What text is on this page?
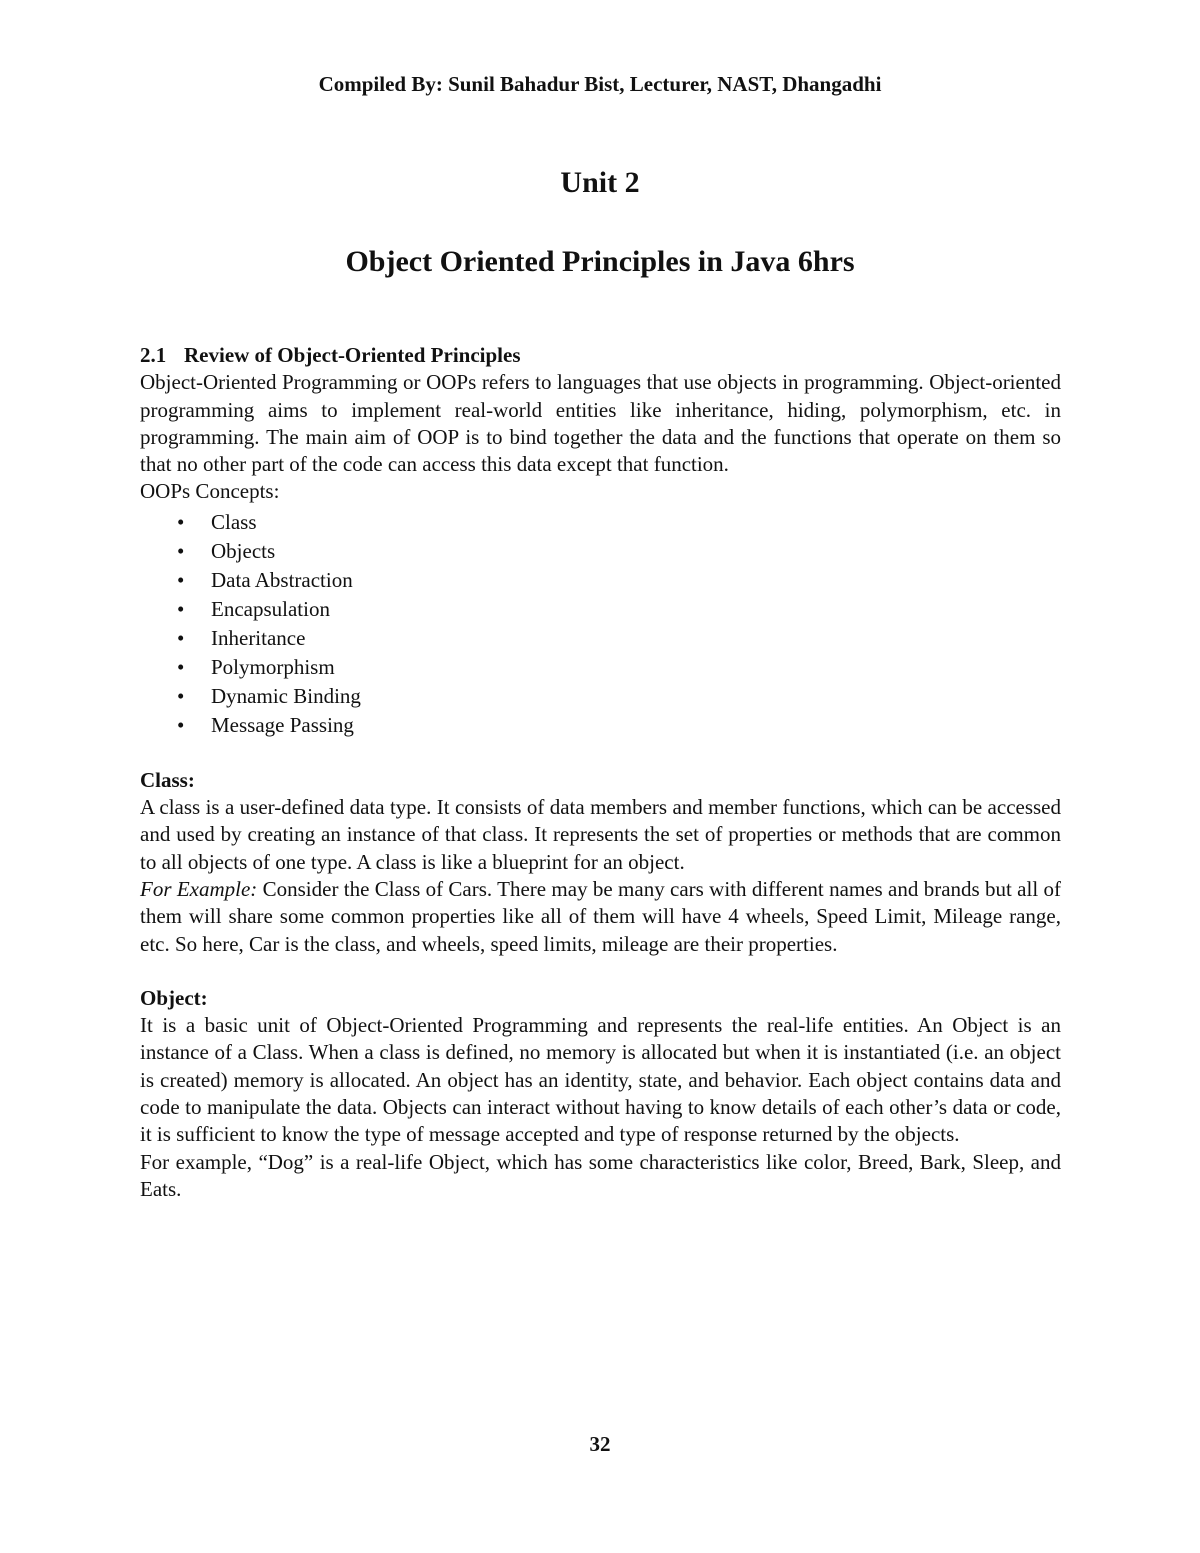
Compiled By: Sunil Bahadur Bist, Lecturer, NAST, Dhangadhi
Unit 2
Object Oriented Principles in Java 6hrs

2.1 Review of Object-Oriented Principles

Object-Oriented Programming or OOPs refers to languages that use objects in programming. Object-oriented programming aims to implement real-world entities like inheritance, hiding, polymorphism, etc. in programming. The main aim of OOP is to bind together the data and the functions that operate on them so that no other part of the code can access this data except that function.

OOPs Concepts:

• Class
• Objects
• Data Abstraction
• Encapsulation
• Inheritance
• Polymorphism
• Dynamic Binding
• Message Passing

Class:

A class is a user-defined data type. It consists of data members and member functions, which can be accessed and used by creating an instance of that class. It represents the set of properties or methods that are common to all objects of one type. A class is like a blueprint for an object.

For Example: Consider the Class of Cars. There may be many cars with different names and brands but all of them will share some common properties like all of them will have 4 wheels, Speed Limit, Mileage range, etc. So here, Car is the class, and wheels, speed limits, mileage are their properties.

Object:

It is a basic unit of Object-Oriented Programming and represents the real-life entities. An Object is an instance of a Class. When a class is defined, no memory is allocated but when it is instantiated (i.e. an object is created) memory is allocated. An object has an identity, state, and behavior. Each object contains data and code to manipulate the data. Objects can interact without having to know details of each other’s data or code, it is sufficient to know the type of message accepted and type of response returned by the objects.

For example, “Dog” is a real-life Object, which has some characteristics like color, Breed, Bark, Sleep, and Eats.

32
